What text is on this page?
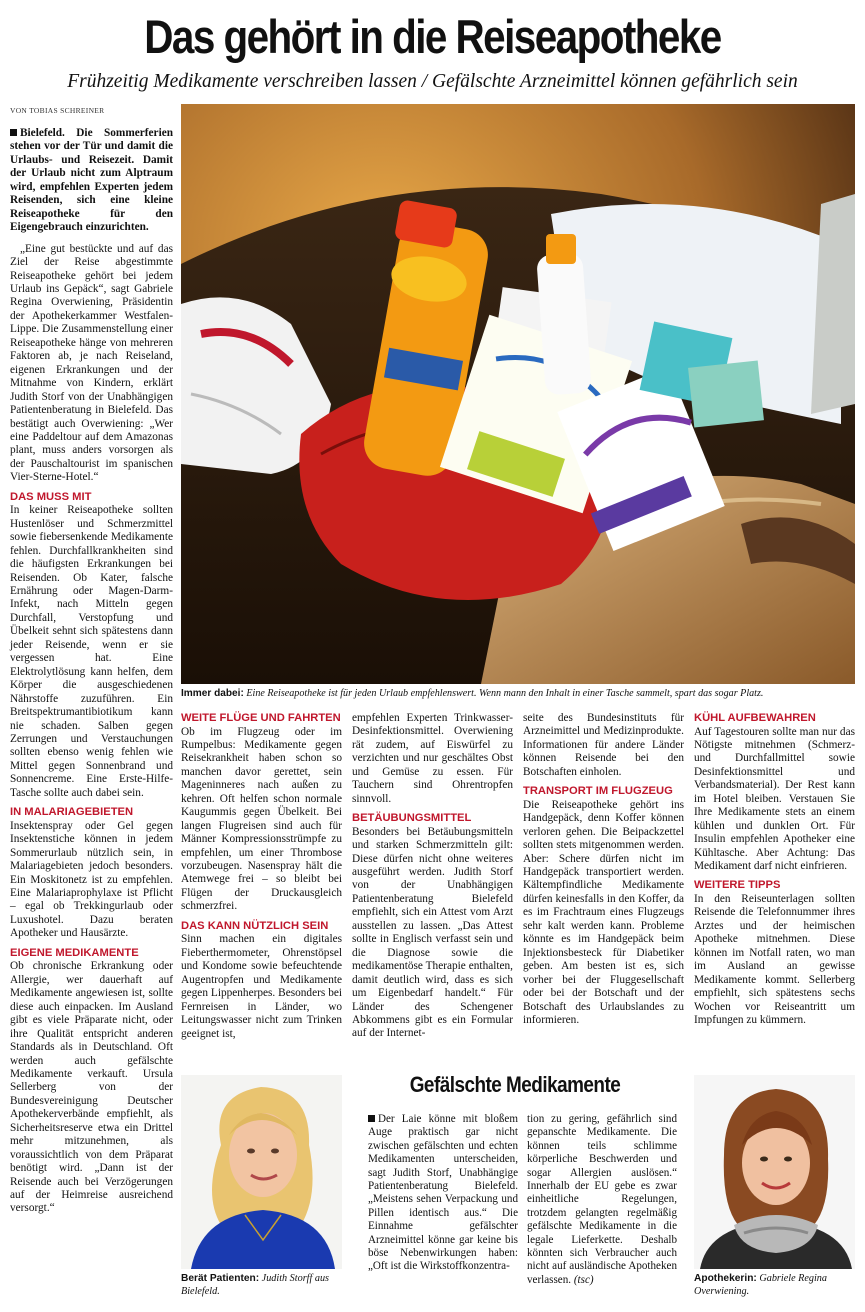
Das gehört in die Reiseapotheke
Frühzeitig Medikamente verschreiben lassen / Gefälschte Arzneimittel können gefährlich sein
VON TOBIAS SCHREINER

Bielefeld. Die Sommerferien stehen vor der Tür und damit die Urlaubs- und Reisezeit. Damit der Urlaub nicht zum Alptraum wird, empfehlen Experten jedem Reisenden, sich eine kleine Reiseapotheke für den Eigengebrauch einzurichten.

„Eine gut bestückte und auf das Ziel der Reise abgestimmte Reiseapotheke gehört bei jedem Urlaub ins Gepäck“, sagt Gabriele Regina Overwiening, Präsidentin der Apothekerkammer Westfalen-Lippe. Die Zusammenstellung einer Reiseapotheke hänge von mehreren Faktoren ab, je nach Reiseland, eigenen Erkrankungen und der Mitnahme von Kindern, erklärt Judith Storf von der Unabhängigen Patientenberatung in Bielefeld. Das bestätigt auch Overwiening: „Wer eine Paddeltour auf dem Amazonas plant, muss anders vorsorgen als der Pauschaltourist im spanischen Vier-Sterne-Hotel.“

DAS MUSS MIT

In keiner Reiseapotheke sollten Hustenlöser und Schmerzmittel sowie fiebersenkende Medikamente fehlen. Durchfallkrankheiten sind die häufigsten Erkrankungen bei Reisenden. Ob Kater, falsche Ernährung oder Magen-Darm-Infekt, nach Mitteln gegen Durchfall, Verstopfung und Übelkeit sehnt sich spätestens dann jeder Reisende, wenn er sie vergessen hat. Eine Elektrolytlösung kann helfen, dem Körper die ausgeschiedenen Nährstoffe zuzuführen. Ein Breitspektrumantibiotikum kann nie schaden. Salben gegen Zerrungen und Verstauchungen sollten ebenso wenig fehlen wie Mittel gegen Sonnenbrand und Sonnencreme. Eine Erste-Hilfe-Tasche sollte auch dabei sein.

IN MALARIAGEBIETEN

Insektenspray oder Gel gegen Insektenstiche können in jedem Sommerurlaub nützlich sein, in Malariagebieten jedoch besonders. Ein Moskitonetz ist zu empfehlen. Eine Malariaprophylaxe ist Pflicht – egal ob Trekkingurlaub oder Luxushotel. Dazu beraten Apotheker und Hausärzte.

EIGENE MEDIKAMENTE

Ob chronische Erkrankung oder Allergie, wer dauerhaft auf Medikamente angewiesen ist, sollte diese auch einpacken. Im Ausland gibt es viele Präparate nicht, oder ihre Qualität entspricht anderen Standards als in Deutschland. Oft werden auch gefälschte Medikamente verkauft. Ursula Sellerberg von der Bundesvereinigung Deutscher Apothekerverbände empfiehlt, als Sicherheitsreserve etwa ein Drittel mehr mitzunehmen, als voraussichtlich von dem Präparat benötigt wird. „Dann ist der Reisende auch bei Verzögerungen auf der Heimreise ausreichend versorgt.“

Immer dabei: Eine Reiseapotheke ist für jeden Urlaub empfehlenswert. Wenn mann den Inhalt in einer Tasche sammelt, spart das sogar Platz.
WEITE FLÜGE UND FAHRTEN

Ob im Flugzeug oder im Rumpelbus: Medikamente gegen Reisekrankheit haben schon so manchen davor gerettet, sein Mageninneres nach außen zu kehren. Oft helfen schon normale Kaugummis gegen Übelkeit. Bei langen Flugreisen sind auch für Männer Kompressionsstrümpfe zu empfehlen, um einer Thrombose vorzubeugen. Nasenspray hält die Atemwege frei – so bleibt bei Flügen der Druckausgleich schmerzfrei.

DAS KANN NÜTZLICH SEIN

Sinn machen ein digitales Fieberthermometer, Ohrenstöpsel und Kondome sowie befeuchtende Augentropfen und Medikamente gegen Lippenherpes. Besonders bei Fernreisen in Länder, wo Leitungswasser nicht zum Trinken geeignet ist,

empfehlen Experten Trinkwasser-Desinfektionsmittel. Overwiening rät zudem, auf Eiswürfel zu verzichten und nur geschältes Obst und Gemüse zu essen. Für Tauchern sind Ohrentropfen sinnvoll.

BETÄUBUNGSMITTEL

Besonders bei Betäubungsmitteln und starken Schmerzmitteln gilt: Diese dürfen nicht ohne weiteres ausgeführt werden. Judith Storf von der Unabhängigen Patientenberatung Bielefeld empfiehlt, sich ein Attest vom Arzt ausstellen zu lassen. „Das Attest sollte in Englisch verfasst sein und die Diagnose sowie die medikamentöse Therapie enthalten, damit deutlich wird, dass es sich um Eigenbedarf handelt.“ Für Länder des Schengener Abkommens gibt es ein Formular auf der Internet-

seite des Bundesinstituts für Arzneimittel und Medizinprodukte. Informationen für andere Länder können Reisende bei den Botschaften einholen.

TRANSPORT IM FLUGZEUG

Die Reiseapotheke gehört ins Handgepäck, denn Koffer können verloren gehen. Die Beipackzettel sollten stets mitgenommen werden. Aber: Schere dürfen nicht im Handgepäck transportiert werden. Kältempfindliche Medikamente dürfen keinesfalls in den Koffer, da es im Frachtraum eines Flugzeugs sehr kalt werden kann. Probleme könnte es im Handgepäck beim Injektionsbesteck für Diabetiker geben. Am besten ist es, sich vorher bei der Fluggesellschaft oder bei der Botschaft und der Botschaft des Urlaubslandes zu informieren.

KÜHL AUFBEWAHREN

Auf Tagestouren sollte man nur das Nötigste mitnehmen (Schmerz- und Durchfallmittel sowie Desinfektionsmittel und Verbandsmaterial). Der Rest kann im Hotel bleiben. Verstauen Sie Ihre Medikamente stets an einem kühlen und dunklen Ort. Für Insulin empfehlen Apotheker eine Kühltasche. Aber Achtung: Das Medikament darf nicht einfrieren.

WEITERE TIPPS

In den Reiseunterlagen sollten Reisende die Telefonnummer ihres Arztes und der heimischen Apotheke mitnehmen. Diese können im Notfall raten, wo man im Ausland an gewisse Medikamente kommt. Sellerberg empfiehlt, sich spätestens sechs Wochen vor Reiseantritt um Impfungen zu kümmern.

Gefälschte Medikamente

Der Laie könne mit bloßem Auge praktisch gar nicht zwischen gefälschten und echten Medikamenten unterscheiden, sagt Judith Storf, Unabhängige Patientenberatung Bielefeld. „Meistens sehen Verpackung und Pillen identisch aus.“ Die Einnahme gefälschter Arzneimittel könne gar keine bis böse Nebenwirkungen haben: „Oft ist die Wirkstoffkonzentra-

tion zu gering, gefährlich sind gepanschte Medikamente. Die können teils schlimme körperliche Beschwerden und sogar Allergien auslösen.“ Innerhalb der EU gebe es zwar einheitliche Regelungen, trotzdem gelangten regelmäßig gefälschte Medikamente in die legale Lieferkette. Deshalb könnten sich Verbraucher auch nicht auf ausländische Apotheken verlassen. (tsc)

Berät Patienten: Judith Storff aus Bielefeld.
Apothekerin: Gabriele Regina Overwiening.
